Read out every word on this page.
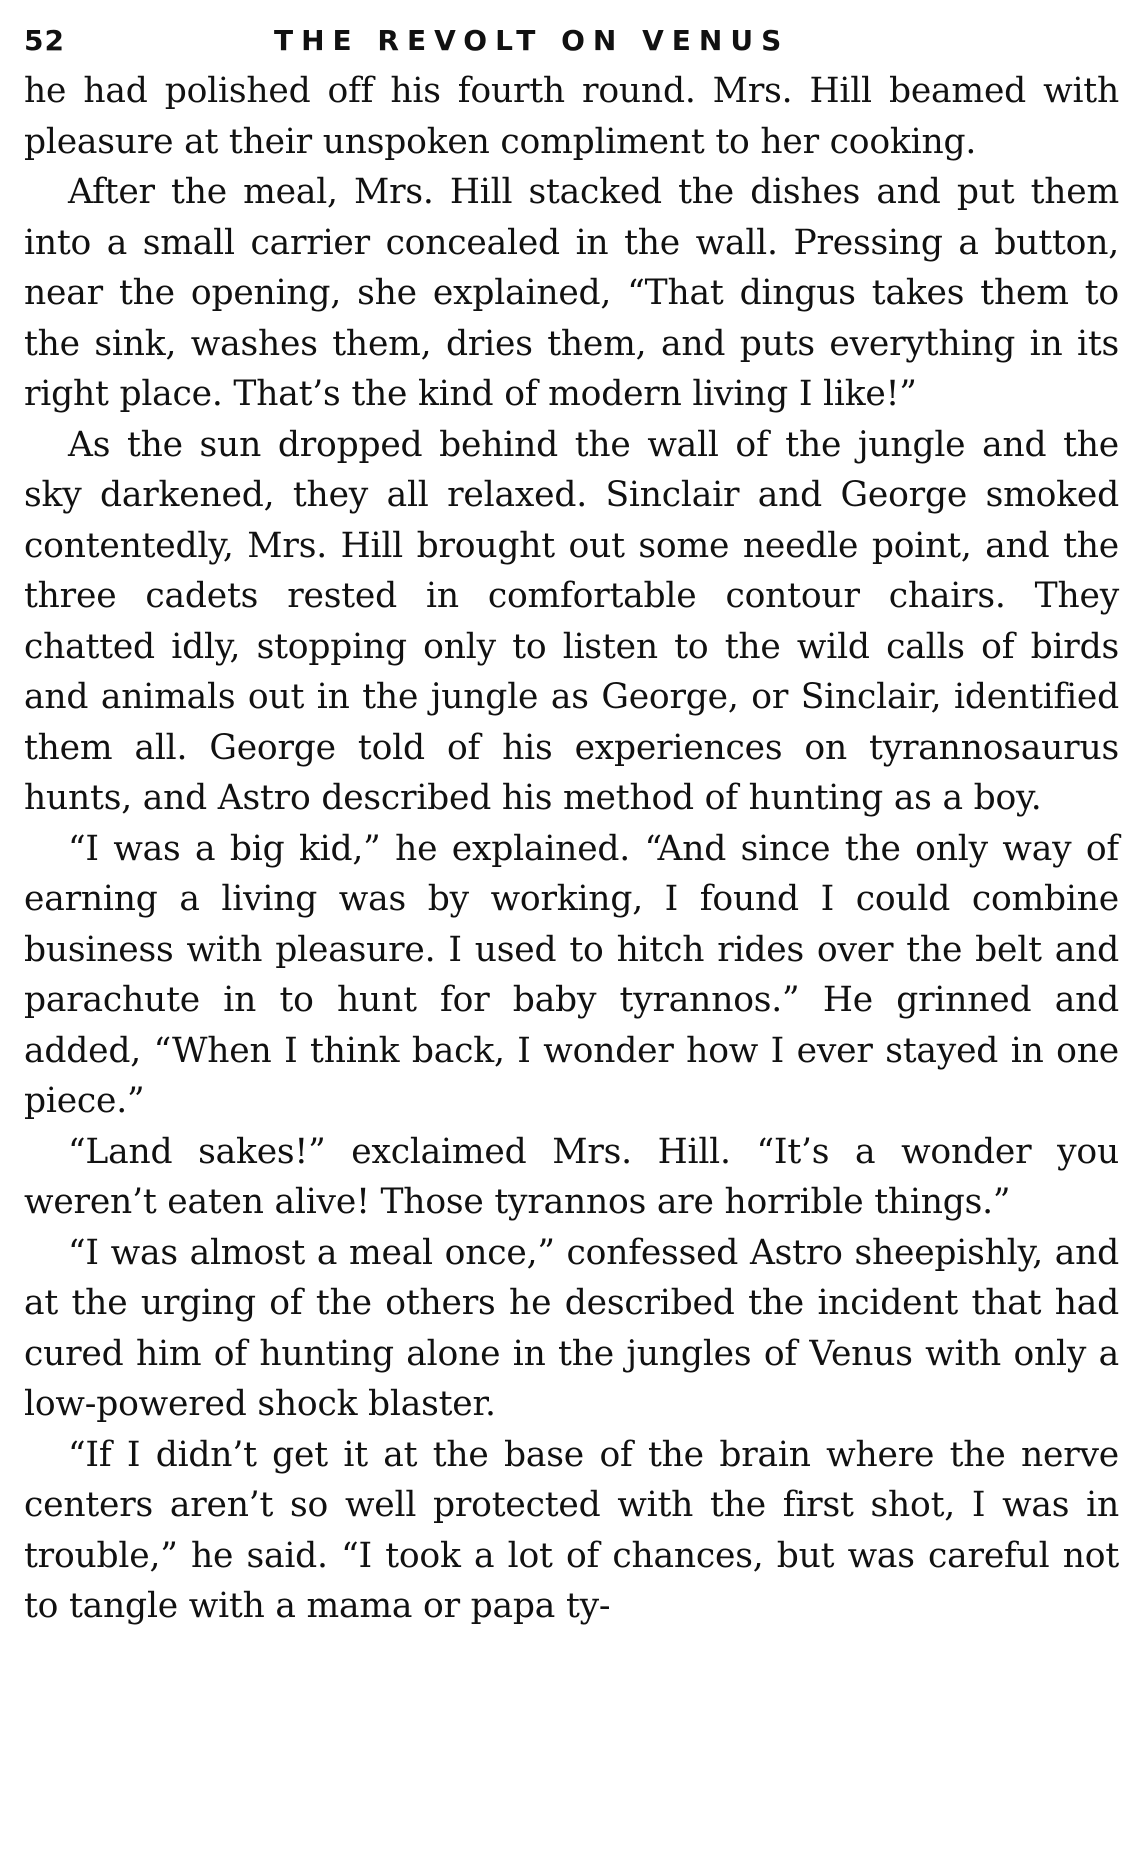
52	THE REVOLT ON VENUS

he had polished off his fourth round. Mrs. Hill beamed with pleasure at their unspoken compliment to her cooking.

After the meal, Mrs. Hill stacked the dishes and put them into a small carrier concealed in the wall. Pressing a button, near the opening, she explained, “That dingus takes them to the sink, washes them, dries them, and puts everything in its right place. That’s the kind of modern living I like!”

As the sun dropped behind the wall of the jungle and the sky darkened, they all relaxed. Sinclair and George smoked contentedly, Mrs. Hill brought out some needle point, and the three cadets rested in comfortable contour chairs. They chatted idly, stopping only to listen to the wild calls of birds and animals out in the jungle as George, or Sinclair, identified them all. George told of his experiences on tyrannosaurus hunts, and Astro described his method of hunting as a boy.

“I was a big kid,” he explained. “And since the only way of earning a living was by working, I found I could combine business with pleasure. I used to hitch rides over the belt and parachute in to hunt for baby tyrannos.” He grinned and added, “When I think back, I wonder how I ever stayed in one piece.”

“Land sakes!” exclaimed Mrs. Hill. “It’s a wonder you weren’t eaten alive! Those tyrannos are horrible things.”

“I was almost a meal once,” confessed Astro sheepishly, and at the urging of the others he described the incident that had cured him of hunting alone in the jungles of Venus with only a low-powered shock blaster.

“If I didn’t get it at the base of the brain where the nerve centers aren’t so well protected with the first shot, I was in trouble,” he said. “I took a lot of chances, but was careful not to tangle with a mama or papa ty-
